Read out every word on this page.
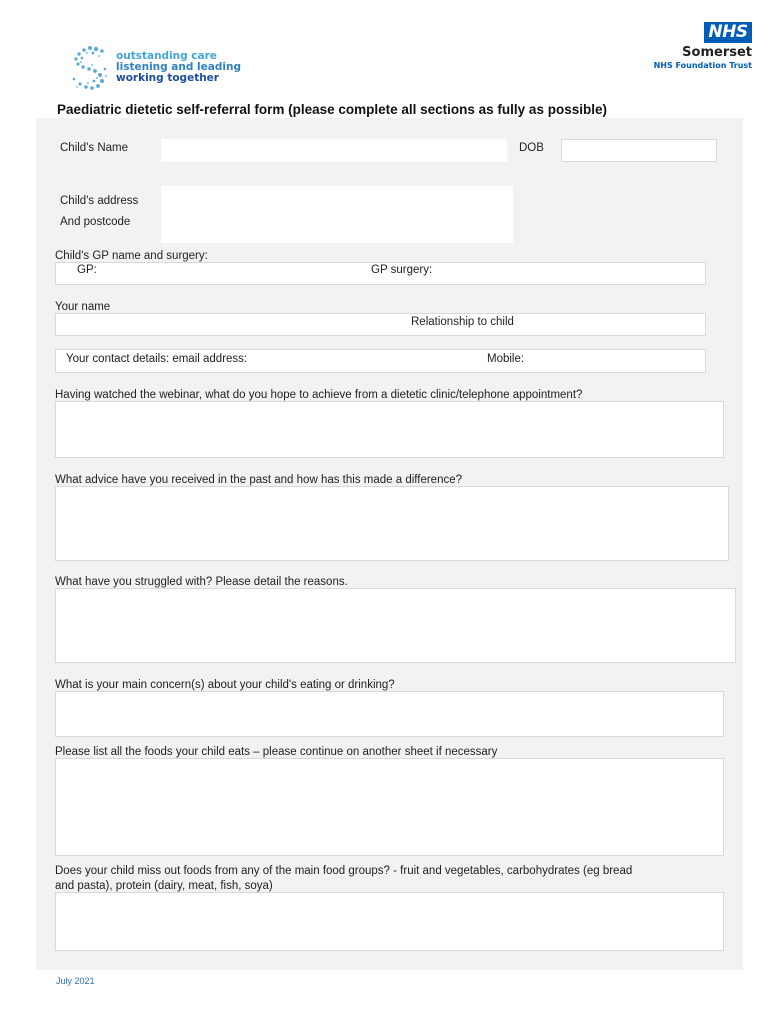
outstanding care
listening and leading
working together
NHS
Somerset
NHS Foundation Trust
Paediatric dietetic self-referral form (please complete all sections as fully as possible)
Child's Name	DOB
Child's address
And postcode
Child's GP name and surgery:
GP:	GP surgery:
Your name
Relationship to child
Your contact details: email address:	Mobile:
Having watched the webinar, what do you hope to achieve from a dietetic clinic/telephone appointment?
What advice have you received in the past and how has this made a difference?
What have you struggled with? Please detail the reasons.
What is your main concern(s) about your child's eating or drinking?
Please list all the foods your child eats – please continue on another sheet if necessary
Does your child miss out foods from any of the main food groups? - fruit and vegetables, carbohydrates (eg bread
and pasta), protein (dairy, meat, fish, soya)
July 2021
